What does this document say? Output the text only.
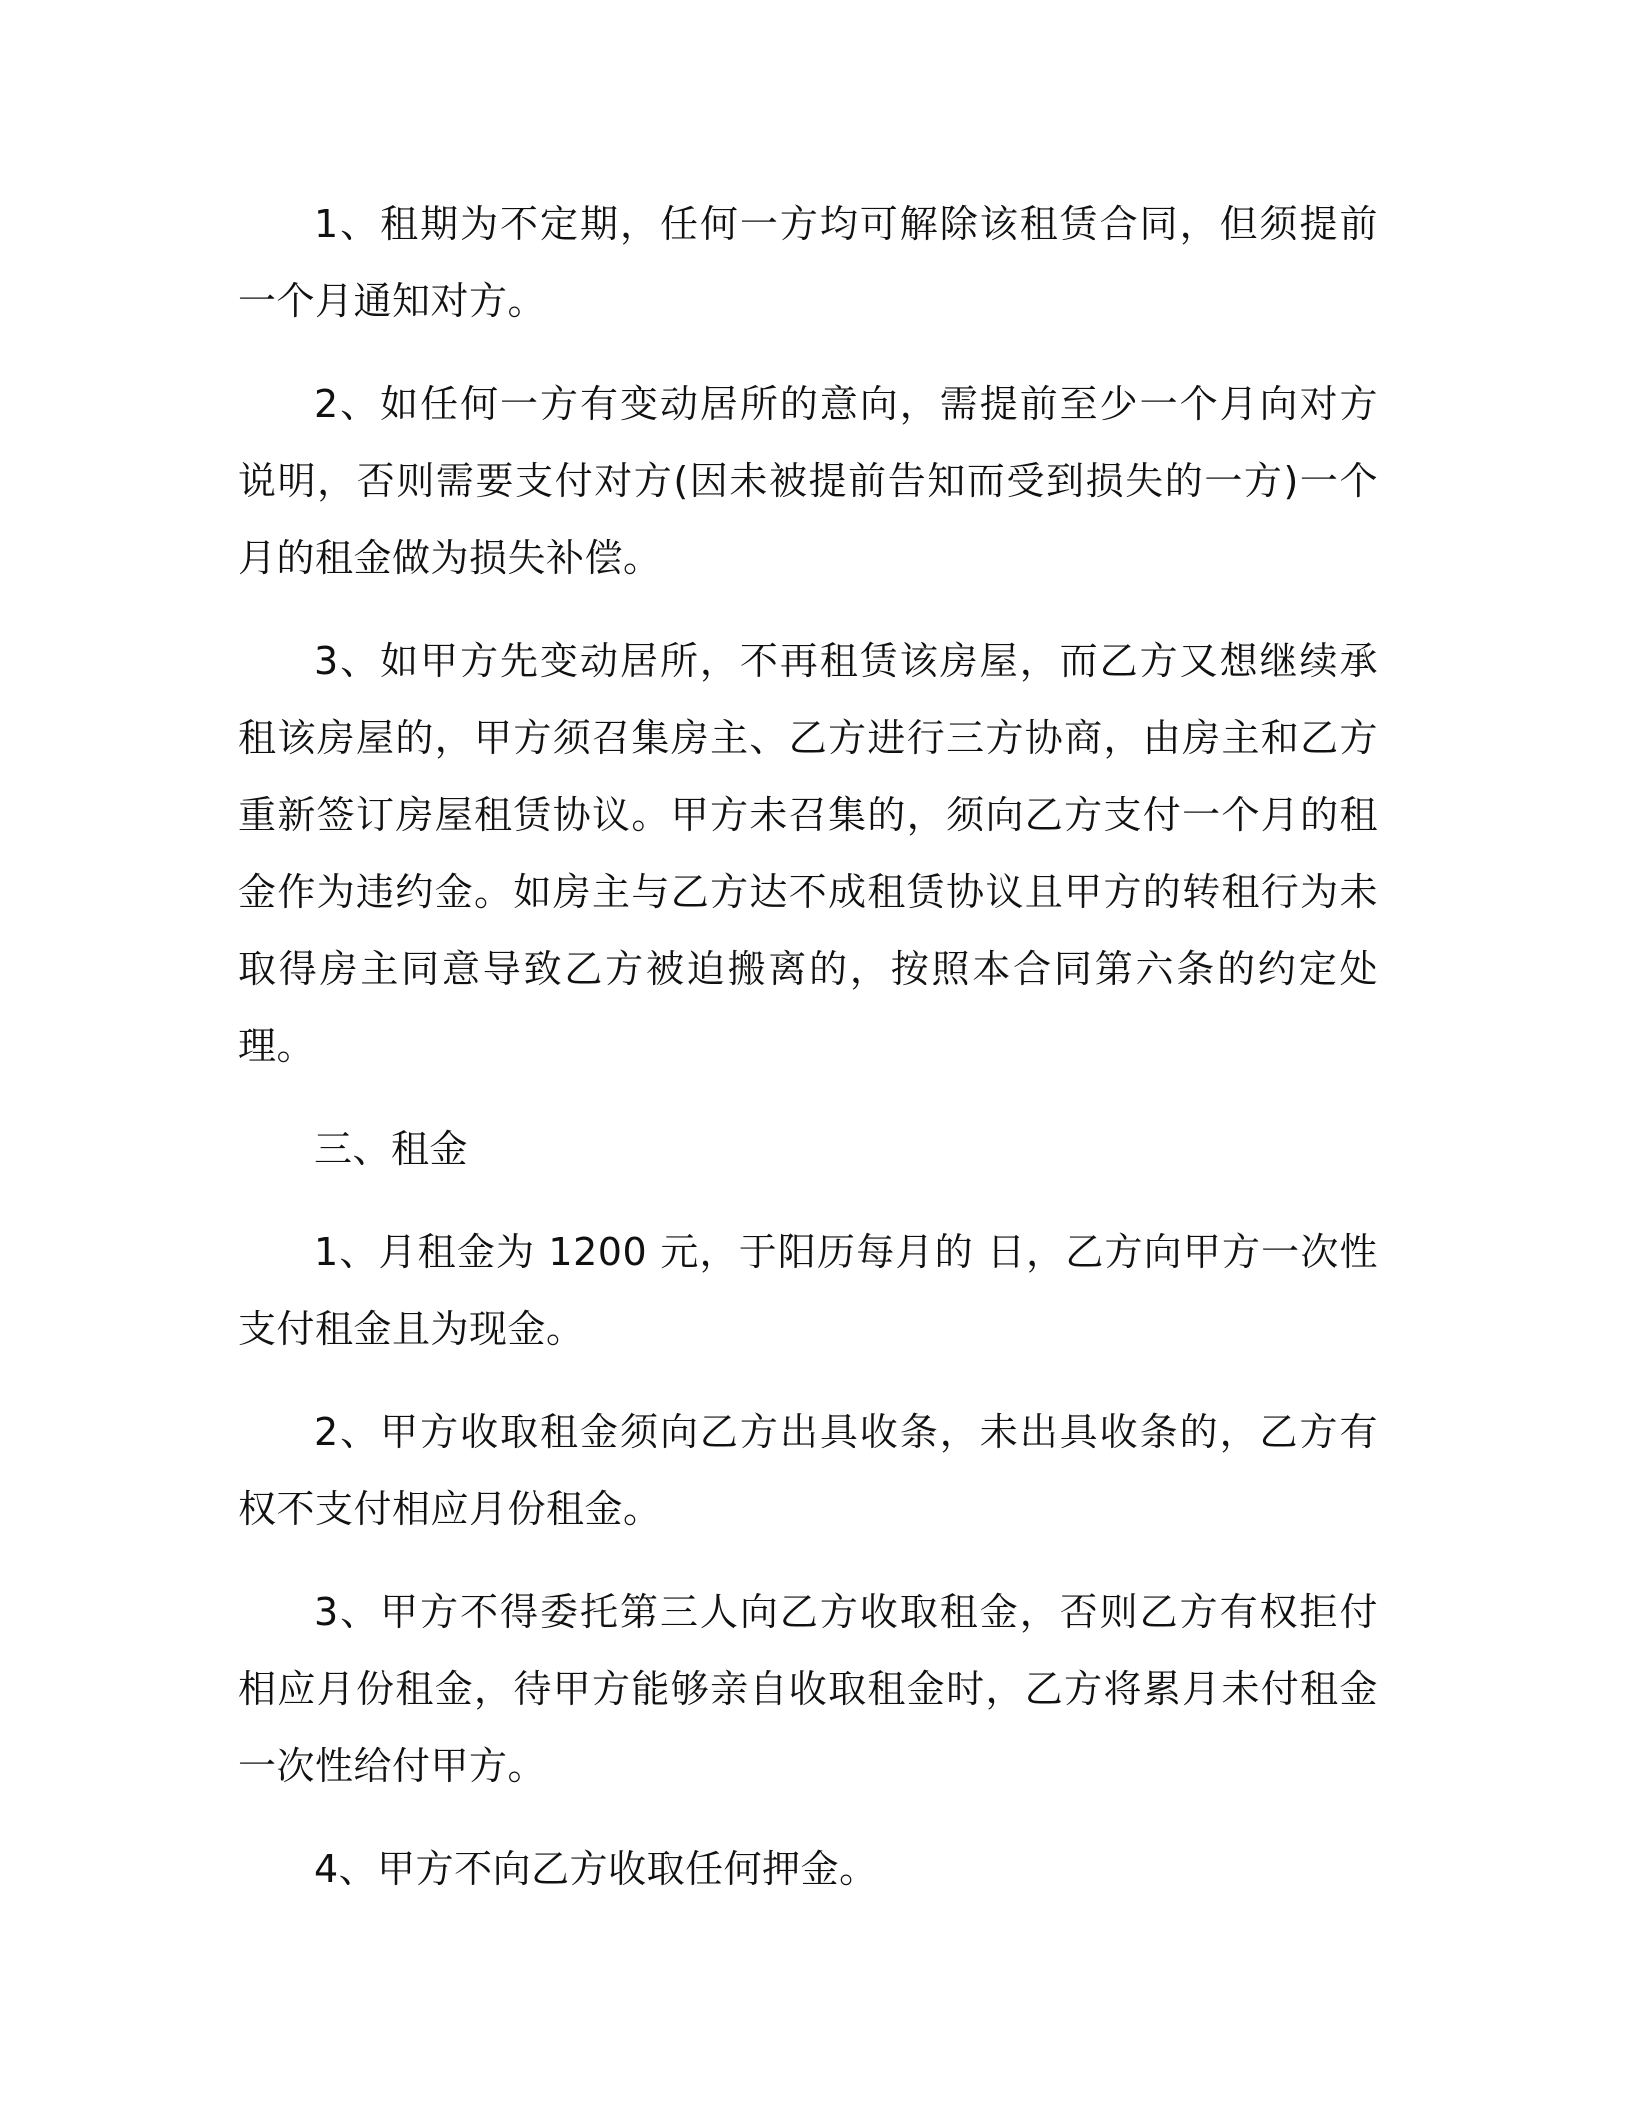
1、租期为不定期，任何一方均可解除该租赁合同，但须提前一个月通知对方。

2、如任何一方有变动居所的意向，需提前至少一个月向对方说明，否则需要支付对方(因未被提前告知而受到损失的一方)一个月的租金做为损失补偿。

3、如甲方先变动居所，不再租赁该房屋，而乙方又想继续承租该房屋的，甲方须召集房主、乙方进行三方协商，由房主和乙方重新签订房屋租赁协议。甲方未召集的，须向乙方支付一个月的租金作为违约金。如房主与乙方达不成租赁协议且甲方的转租行为未取得房主同意导致乙方被迫搬离的，按照本合同第六条的约定处理。

三、租金

1、月租金为 1200 元，于阳历每月的 日，乙方向甲方一次性支付租金且为现金。

2、甲方收取租金须向乙方出具收条，未出具收条的，乙方有权不支付相应月份租金。

3、甲方不得委托第三人向乙方收取租金，否则乙方有权拒付相应月份租金，待甲方能够亲自收取租金时，乙方将累月未付租金一次性给付甲方。

4、甲方不向乙方收取任何押金。
